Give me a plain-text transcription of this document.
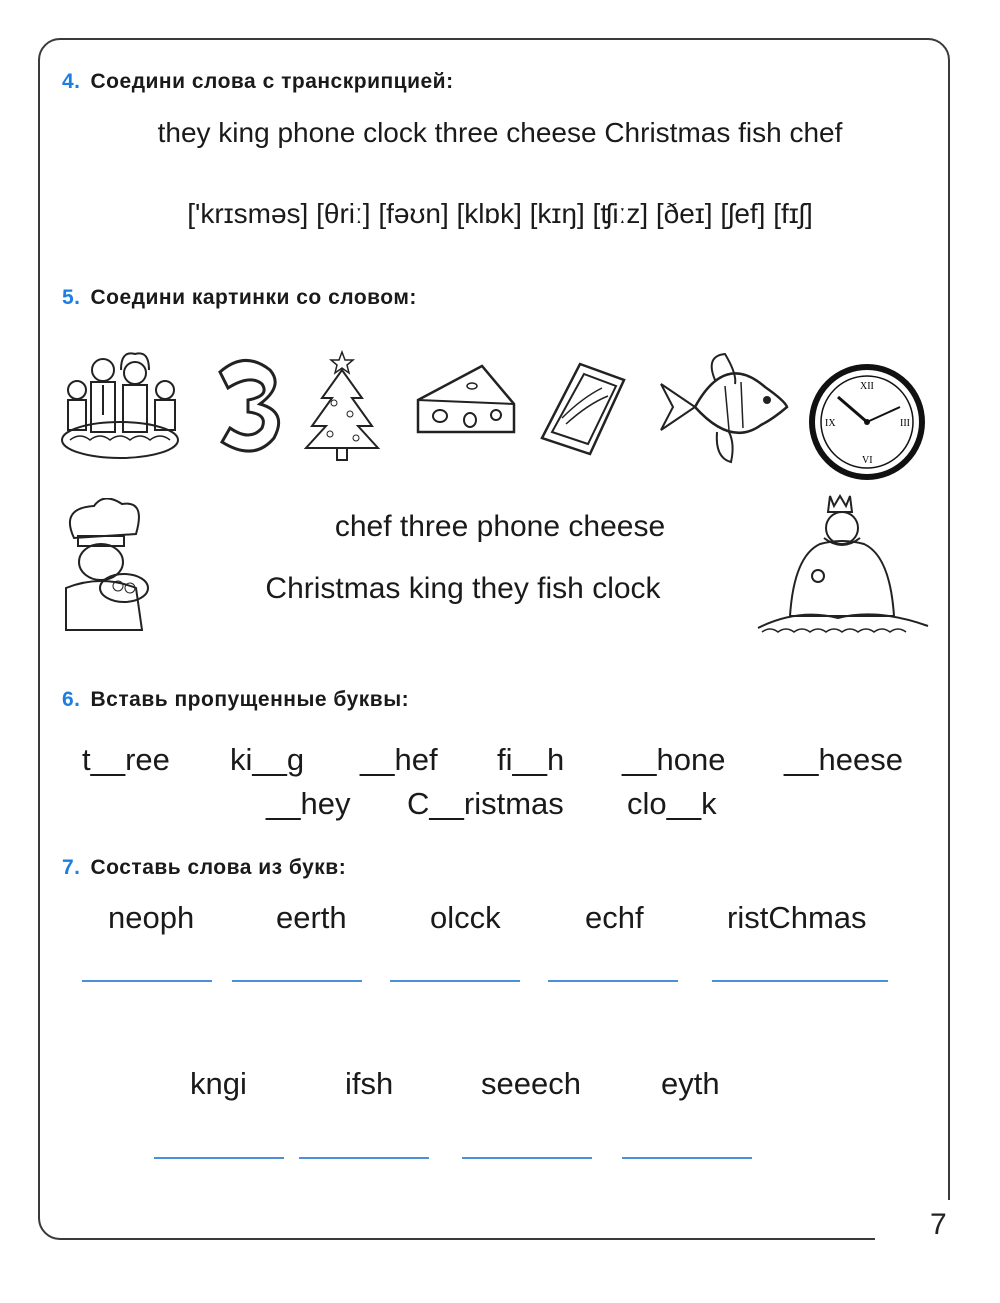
7
4. Соедини слова с транскрипцией:
they king phone clock three cheese Christmas fish chef
['krɪsməs] [θriː] [fəʊn] [klɒk] [kɪŋ] [ʧiːz] [ðeɪ] [ʃef] [fɪʃ]
5. Соедини картинки со словом:
XII
III
VI
IX
chef three phone cheese
Christmas king they fish clock
6. Вставь пропущенные буквы:
t__ree ki__g __hef fi__h __hone __heese
__hey C__ristmas clo__k
7. Составь слова из букв:
neoph	eerth	olcck	echf	ristChmas
kngi	ifsh	seeech	eyth
